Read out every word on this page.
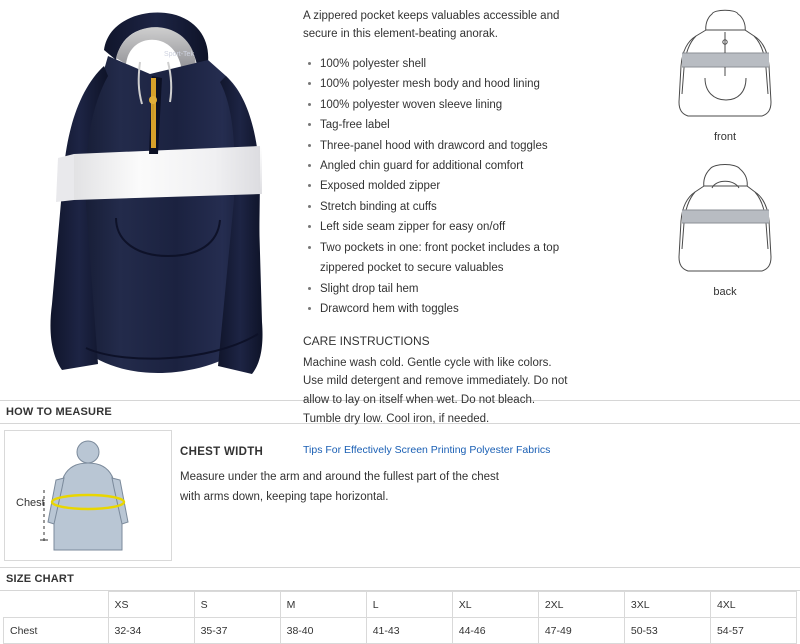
Sport-Tek

A zippered pocket keeps valuables accessible and secure in this element-beating anorak.

100% polyester shell
100% polyester mesh body and hood lining
100% polyester woven sleeve lining
Tag-free label
Three-panel hood with drawcord and toggles
Angled chin guard for additional comfort
Exposed molded zipper
Stretch binding at cuffs
Left side seam zipper for easy on/off
Two pockets in one: front pocket includes a top zippered pocket to secure valuables
Slight drop tail hem
Drawcord hem with toggles
CARE INSTRUCTIONS

Machine wash cold. Gentle cycle with like colors. Use mild detergent and remove immediately. Do not allow to lay on itself when wet. Do not bleach. Tumble dry low. Cool iron, if needed.

Tips For Effectively Screen Printing Polyester Fabrics
front
back
HOW TO MEASURE
Chest
CHEST WIDTH

Measure under the arm and around the fullest part of the chest

with arms down, keeping tape horizontal.

SIZE CHART
	XS	S	M	L	XL	2XL	3XL	4XL
Chest	32-34	35-37	38-40	41-43	44-46	47-49	50-53	54-57
